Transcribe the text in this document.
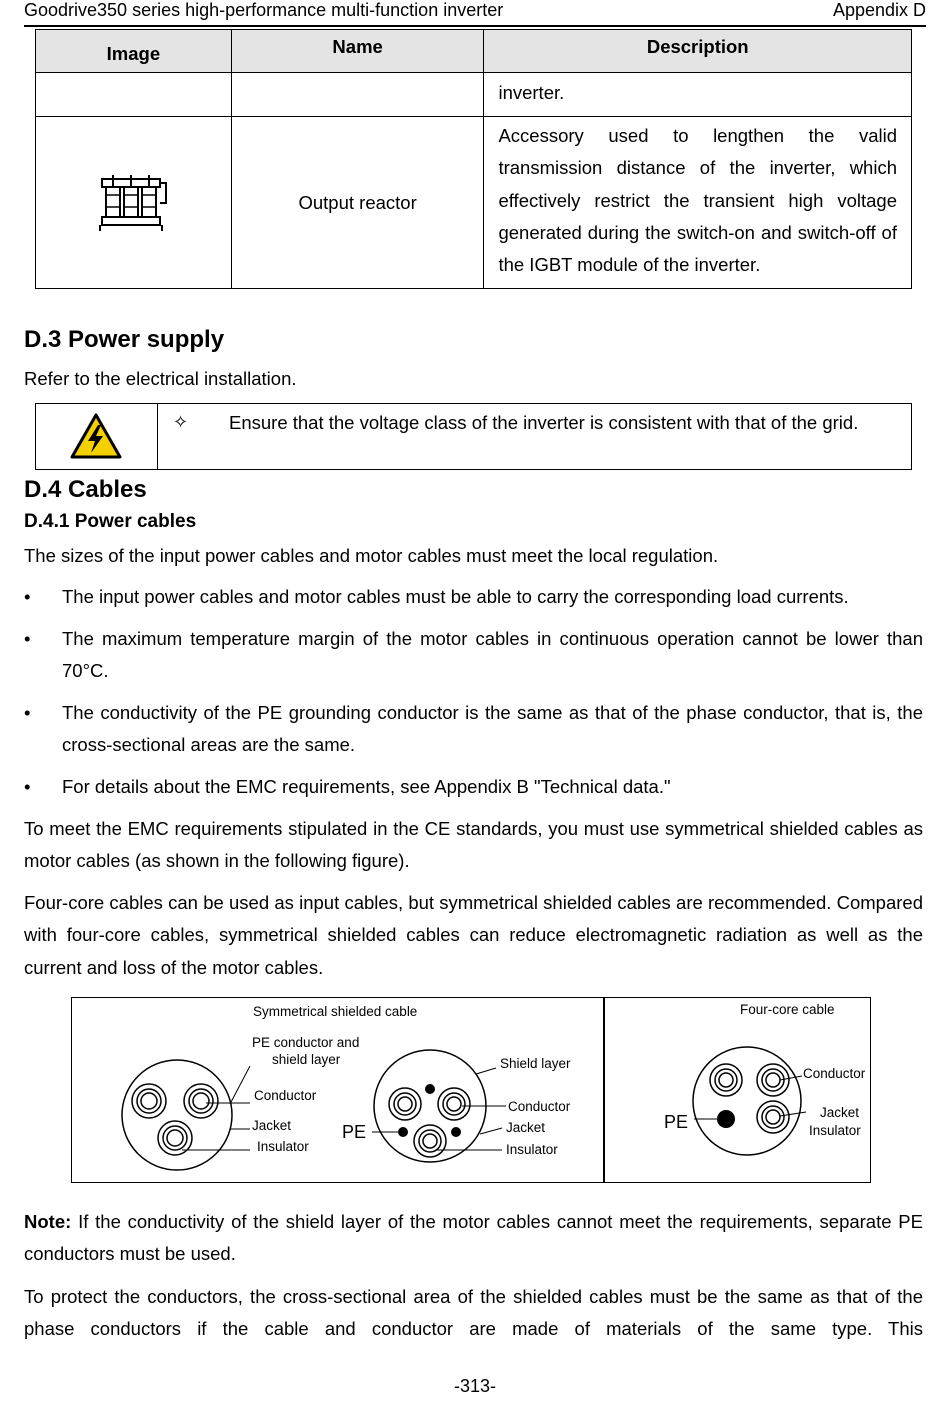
Goodrive350 series high-performance multi-function inverter	Appendix D
Image	Name	Description
		inverter.

	Output reactor	Accessory used to lengthen the valid transmission distance of the inverter, which effectively restrict the transient high voltage generated during the switch-on and switch-off of the IGBT module of the inverter.
D.3 Power supply
Refer to the electrical installation.
✧ Ensure that the voltage class of the inverter is consistent with that of the grid.
D.4 Cables
D.4.1 Power cables
The sizes of the input power cables and motor cables must meet the local regulation.
• The input power cables and motor cables must be able to carry the corresponding load currents.
• The maximum temperature margin of the motor cables in continuous operation cannot be lower than 70°C.
• The conductivity of the PE grounding conductor is the same as that of the phase conductor, that is, the cross-sectional areas are the same.
• For details about the EMC requirements, see Appendix B "Technical data."
To meet the EMC requirements stipulated in the CE standards, you must use symmetrical shielded cables as motor cables (as shown in the following figure).
Four-core cables can be used as input cables, but symmetrical shielded cables are recommended. Compared with four-core cables, symmetrical shielded cables can reduce electromagnetic radiation as well as the current and loss of the motor cables.
Symmetrical shielded cable	Four-core cable
PE conductor and
shield layer
Conductor
Jacket
Insulator
PE
Shield layer
Conductor
Jacket
Insulator
PE
Conductor
Jacket
Insulator
Note: If the conductivity of the shield layer of the motor cables cannot meet the requirements, separate PE conductors must be used.
To protect the conductors, the cross-sectional area of the shielded cables must be the same as that of the phase conductors if the cable and conductor are made of materials of the same type. This
-313-
